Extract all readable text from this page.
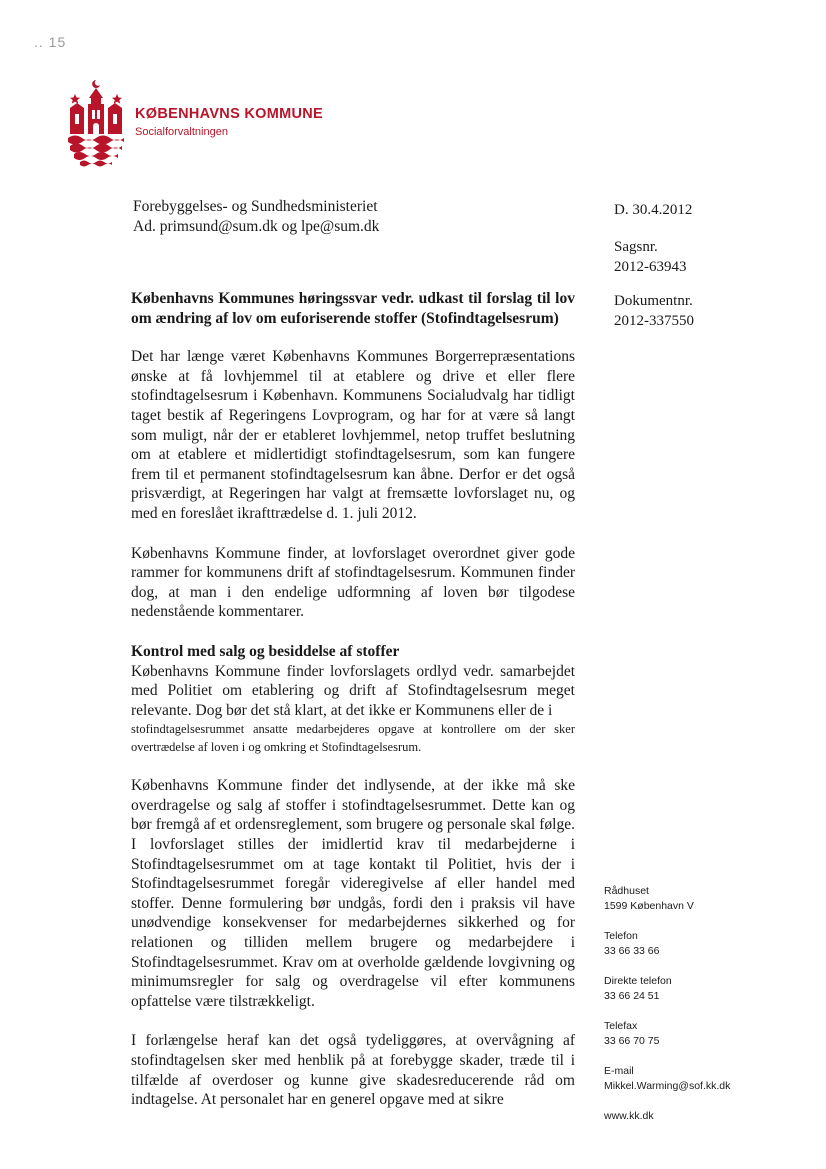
.. 15
KØBENHAVNS KOMMUNE
Socialforvaltningen
Forebyggelses- og Sundhedsministeriet
Ad. primsund@sum.dk og lpe@sum.dk
D. 30.4.2012
Sagsnr.
2012-63943
Dokumentnr.
2012-337550

Københavns Kommunes høringssvar vedr. udkast til forslag til lov om ændring af lov om euforiserende stoffer (Stofindtagelsesrum)

Det har længe været Københavns Kommunes Borgerrepræsentations ønske at få lovhjemmel til at etablere og drive et eller flere stofindtagelsesrum i København. Kommunens Socialudvalg har tidligt taget bestik af Regeringens Lovprogram, og har for at være så langt som muligt, når der er etableret lovhjemmel, netop truffet beslutning om at etablere et midlertidigt stofindtagelsesrum, som kan fungere frem til et permanent stofindtagelsesrum kan åbne. Derfor er det også prisværdigt, at Regeringen har valgt at fremsætte lovforslaget nu, og med en foreslået ikrafttrædelse d. 1. juli 2012.

Københavns Kommune finder, at lovforslaget overordnet giver gode rammer for kommunens drift af stofindtagelsesrum. Kommunen finder dog, at man i den endelige udformning af loven bør tilgodese nedenstående kommentarer.

Kontrol med salg og besiddelse af stoffer

Københavns Kommune finder lovforslagets ordlyd vedr. samarbejdet med Politiet om etablering og drift af Stofindtagelsesrum meget relevante. Dog bør det stå klart, at det ikke er Kommunens eller de i

stofindtagelsesrummet ansatte medarbejderes opgave at kontrollere om der sker overtrædelse af loven i og omkring et Stofindtagelsesrum.

Københavns Kommune finder det indlysende, at der ikke må ske overdragelse og salg af stoffer i stofindtagelsesrummet. Dette kan og bør fremgå af et ordensreglement, som brugere og personale skal følge. I lovforslaget stilles der imidlertid krav til medarbejderne i Stofindtagelsesrummet om at tage kontakt til Politiet, hvis der i Stofindtagelsesrummet foregår videregivelse af eller handel med stoffer. Denne formulering bør undgås, fordi den i praksis vil have unødvendige konsekvenser for medarbejdernes sikkerhed og for relationen og tilliden mellem brugere og medarbejdere i Stofindtagelsesrummet. Krav om at overholde gældende lovgivning og minimumsregler for salg og overdragelse vil efter kommunens opfattelse være tilstrækkeligt.

I forlængelse heraf kan det også tydeliggøres, at overvågning af stofindtagelsen sker med henblik på at forebygge skader, træde til i tilfælde af overdoser og kunne give skadesreducerende råd om indtagelse. At personalet har en generel opgave med at sikre

Rådhuset
1599 København V
Telefon
33 66 33 66
Direkte telefon
33 66 24 51
Telefax
33 66 70 75
E-mail
Mikkel.Warming@sof.kk.dk
www.kk.dk
